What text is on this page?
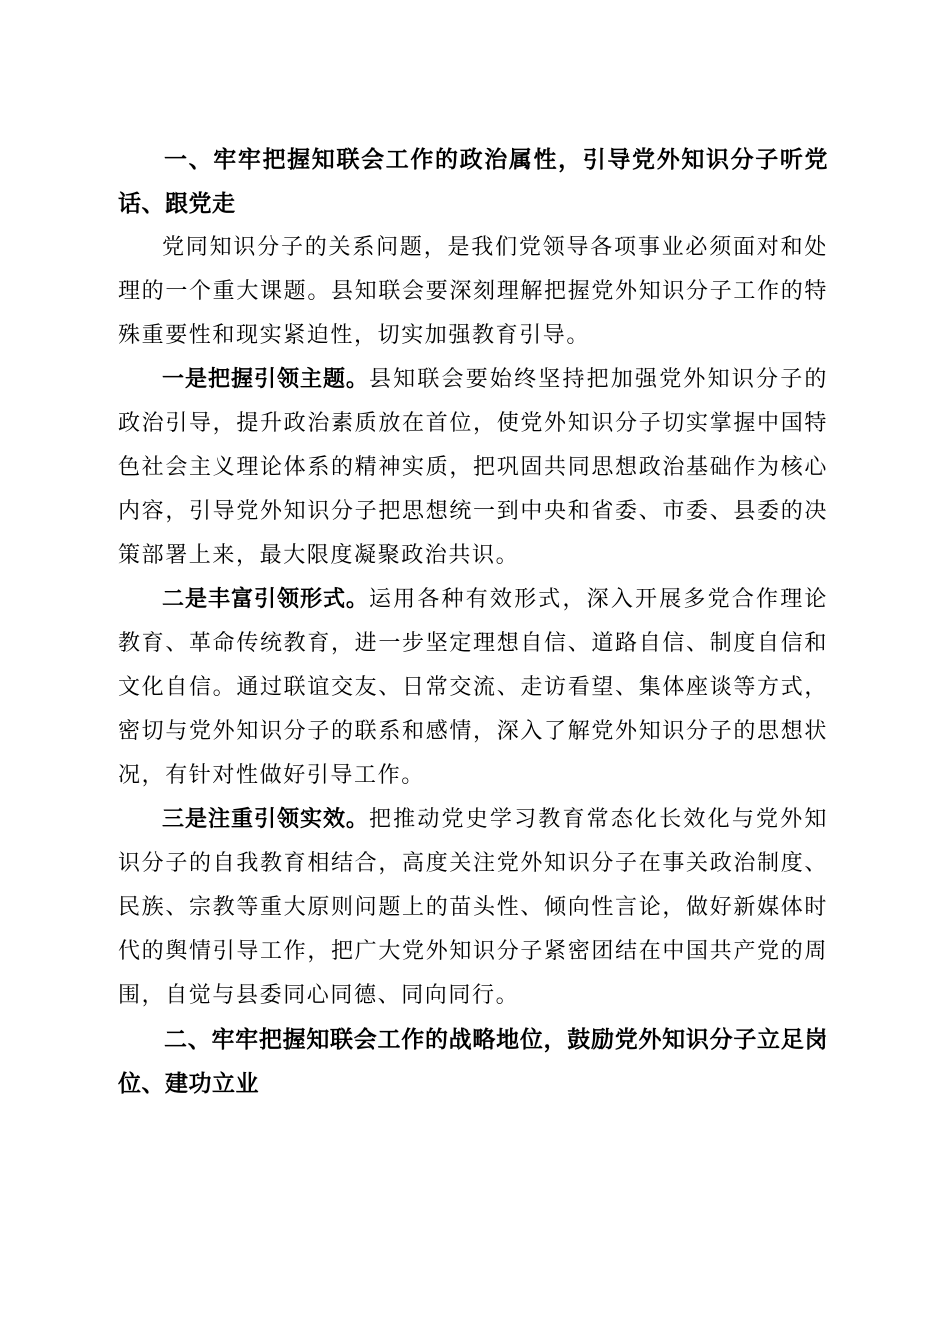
一、牢牢把握知联会工作的政治属性，引导党外知识分子听党话、跟党走

党同知识分子的关系问题，是我们党领导各项事业必须面对和处理的一个重大课题。县知联会要深刻理解把握党外知识分子工作的特殊重要性和现实紧迫性，切实加强教育引导。

一是把握引领主题。县知联会要始终坚持把加强党外知识分子的政治引导，提升政治素质放在首位，使党外知识分子切实掌握中国特色社会主义理论体系的精神实质，把巩固共同思想政治基础作为核心内容，引导党外知识分子把思想统一到中央和省委、市委、县委的决策部署上来，最大限度凝聚政治共识。

二是丰富引领形式。运用各种有效形式，深入开展多党合作理论教育、革命传统教育，进一步坚定理想自信、道路自信、制度自信和文化自信。通过联谊交友、日常交流、走访看望、集体座谈等方式，密切与党外知识分子的联系和感情，深入了解党外知识分子的思想状况，有针对性做好引导工作。

三是注重引领实效。把推动党史学习教育常态化长效化与党外知识分子的自我教育相结合，高度关注党外知识分子在事关政治制度、民族、宗教等重大原则问题上的苗头性、倾向性言论，做好新媒体时代的舆情引导工作，把广大党外知识分子紧密团结在中国共产党的周围，自觉与县委同心同德、同向同行。

二、牢牢把握知联会工作的战略地位，鼓励党外知识分子立足岗位、建功立业
